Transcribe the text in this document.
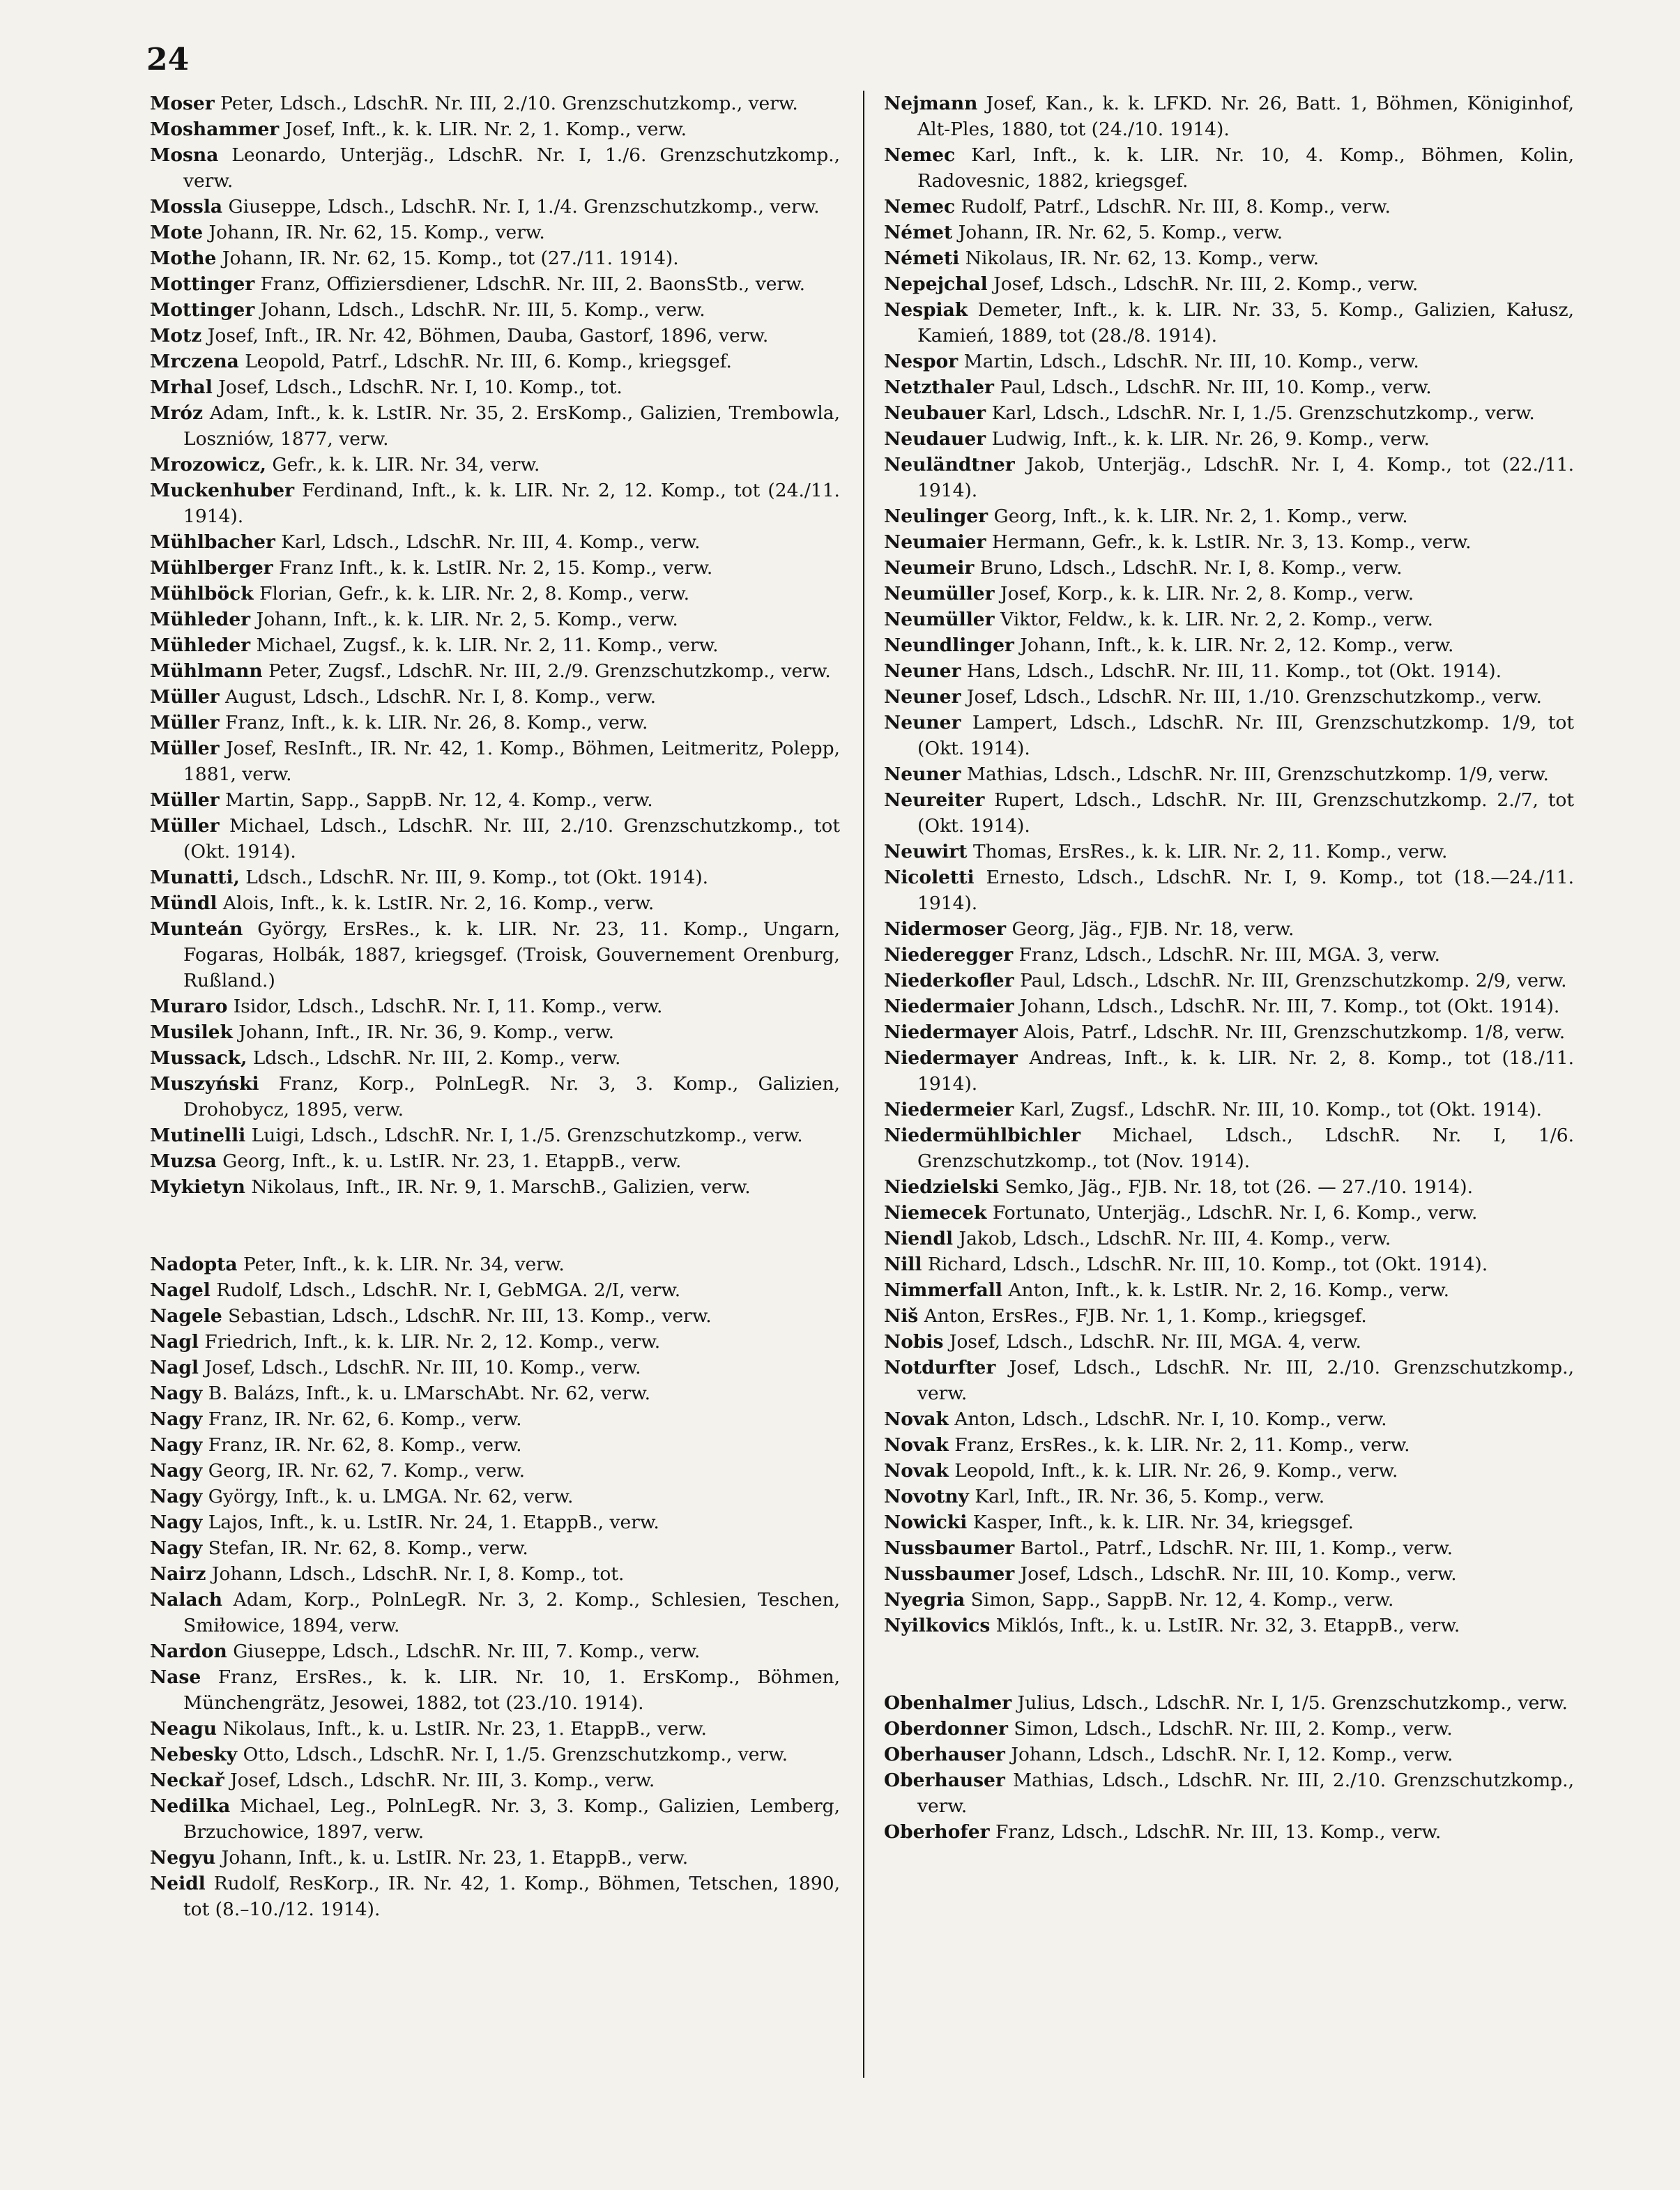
24

Moser Peter, Ldsch., LdschR. Nr. III, 2./10. Grenzschutzkomp., verw.

Moshammer Josef, Inft., k. k. LIR. Nr. 2, 1. Komp., verw.

Mosna Leonardo, Unterjäg., LdschR. Nr. I, 1./6. Grenzschutzkomp., verw.

Mossla Giuseppe, Ldsch., LdschR. Nr. I, 1./4. Grenzschutzkomp., verw.

Mote Johann, IR. Nr. 62, 15. Komp., verw.

Mothe Johann, IR. Nr. 62, 15. Komp., tot (27./11. 1914).

Mottinger Franz, Offiziersdiener, LdschR. Nr. III, 2. BaonsStb., verw.

Mottinger Johann, Ldsch., LdschR. Nr. III, 5. Komp., verw.

Motz Josef, Inft., IR. Nr. 42, Böhmen, Dauba, Gastorf, 1896, verw.

Mrczena Leopold, Patrf., LdschR. Nr. III, 6. Komp., kriegsgef.

Mrhal Josef, Ldsch., LdschR. Nr. I, 10. Komp., tot.

Mróz Adam, Inft., k. k. LstIR. Nr. 35, 2. ErsKomp., Galizien, Trembowla, Loszniów, 1877, verw.

Mrozowicz, Gefr., k. k. LIR. Nr. 34, verw.

Muckenhuber Ferdinand, Inft., k. k. LIR. Nr. 2, 12. Komp., tot (24./11. 1914).

Mühlbacher Karl, Ldsch., LdschR. Nr. III, 4. Komp., verw.

Mühlberger Franz Inft., k. k. LstIR. Nr. 2, 15. Komp., verw.

Mühlböck Florian, Gefr., k. k. LIR. Nr. 2, 8. Komp., verw.

Mühleder Johann, Inft., k. k. LIR. Nr. 2, 5. Komp., verw.

Mühleder Michael, Zugsf., k. k. LIR. Nr. 2, 11. Komp., verw.

Mühlmann Peter, Zugsf., LdschR. Nr. III, 2./9. Grenzschutzkomp., verw.

Müller August, Ldsch., LdschR. Nr. I, 8. Komp., verw.

Müller Franz, Inft., k. k. LIR. Nr. 26, 8. Komp., verw.

Müller Josef, ResInft., IR. Nr. 42, 1. Komp., Böhmen, Leitmeritz, Polepp, 1881, verw.

Müller Martin, Sapp., SappB. Nr. 12, 4. Komp., verw.

Müller Michael, Ldsch., LdschR. Nr. III, 2./10. Grenzschutzkomp., tot (Okt. 1914).

Munatti, Ldsch., LdschR. Nr. III, 9. Komp., tot (Okt. 1914).

Mündl Alois, Inft., k. k. LstIR. Nr. 2, 16. Komp., verw.

Munteán György, ErsRes., k. k. LIR. Nr. 23, 11. Komp., Ungarn, Fogaras, Holbák, 1887, kriegsgef. (Troisk, Gouvernement Orenburg, Rußland.)

Muraro Isidor, Ldsch., LdschR. Nr. I, 11. Komp., verw.

Musilek Johann, Inft., IR. Nr. 36, 9. Komp., verw.

Mussack, Ldsch., LdschR. Nr. III, 2. Komp., verw.

Muszyński Franz, Korp., PolnLegR. Nr. 3, 3. Komp., Galizien, Drohobycz, 1895, verw.

Mutinelli Luigi, Ldsch., LdschR. Nr. I, 1./5. Grenzschutzkomp., verw.

Muzsa Georg, Inft., k. u. LstIR. Nr. 23, 1. EtappB., verw.

Mykietyn Nikolaus, Inft., IR. Nr. 9, 1. MarschB., Galizien, verw.

Nadopta Peter, Inft., k. k. LIR. Nr. 34, verw.

Nagel Rudolf, Ldsch., LdschR. Nr. I, GebMGA. 2/I, verw.

Nagele Sebastian, Ldsch., LdschR. Nr. III, 13. Komp., verw.

Nagl Friedrich, Inft., k. k. LIR. Nr. 2, 12. Komp., verw.

Nagl Josef, Ldsch., LdschR. Nr. III, 10. Komp., verw.

Nagy B. Balázs, Inft., k. u. LMarschAbt. Nr. 62, verw.

Nagy Franz, IR. Nr. 62, 6. Komp., verw.

Nagy Franz, IR. Nr. 62, 8. Komp., verw.

Nagy Georg, IR. Nr. 62, 7. Komp., verw.

Nagy György, Inft., k. u. LMGA. Nr. 62, verw.

Nagy Lajos, Inft., k. u. LstIR. Nr. 24, 1. EtappB., verw.

Nagy Stefan, IR. Nr. 62, 8. Komp., verw.

Nairz Johann, Ldsch., LdschR. Nr. I, 8. Komp., tot.

Nalach Adam, Korp., PolnLegR. Nr. 3, 2. Komp., Schlesien, Teschen, Smiłowice, 1894, verw.

Nardon Giuseppe, Ldsch., LdschR. Nr. III, 7. Komp., verw.

Nase Franz, ErsRes., k. k. LIR. Nr. 10, 1. ErsKomp., Böhmen, Münchengrätz, Jesowei, 1882, tot (23./10. 1914).

Neagu Nikolaus, Inft., k. u. LstIR. Nr. 23, 1. EtappB., verw.

Nebesky Otto, Ldsch., LdschR. Nr. I, 1./5. Grenzschutzkomp., verw.

Neckař Josef, Ldsch., LdschR. Nr. III, 3. Komp., verw.

Nedilka Michael, Leg., PolnLegR. Nr. 3, 3. Komp., Galizien, Lemberg, Brzuchowice, 1897, verw.

Negyu Johann, Inft., k. u. LstIR. Nr. 23, 1. EtappB., verw.

Neidl Rudolf, ResKorp., IR. Nr. 42, 1. Komp., Böhmen, Tetschen, 1890, tot (8.–10./12. 1914).

Nejmann Josef, Kan., k. k. LFKD. Nr. 26, Batt. 1, Böhmen, Königinhof, Alt-Ples, 1880, tot (24./10. 1914).

Nemec Karl, Inft., k. k. LIR. Nr. 10, 4. Komp., Böhmen, Kolin, Radovesnic, 1882, kriegsgef.

Nemec Rudolf, Patrf., LdschR. Nr. III, 8. Komp., verw.

Német Johann, IR. Nr. 62, 5. Komp., verw.

Németi Nikolaus, IR. Nr. 62, 13. Komp., verw.

Nepejchal Josef, Ldsch., LdschR. Nr. III, 2. Komp., verw.

Nespiak Demeter, Inft., k. k. LIR. Nr. 33, 5. Komp., Galizien, Kałusz, Kamień, 1889, tot (28./8. 1914).

Nespor Martin, Ldsch., LdschR. Nr. III, 10. Komp., verw.

Netzthaler Paul, Ldsch., LdschR. Nr. III, 10. Komp., verw.

Neubauer Karl, Ldsch., LdschR. Nr. I, 1./5. Grenzschutzkomp., verw.

Neudauer Ludwig, Inft., k. k. LIR. Nr. 26, 9. Komp., verw.

Neuländtner Jakob, Unterjäg., LdschR. Nr. I, 4. Komp., tot (22./11. 1914).

Neulinger Georg, Inft., k. k. LIR. Nr. 2, 1. Komp., verw.

Neumaier Hermann, Gefr., k. k. LstIR. Nr. 3, 13. Komp., verw.

Neumeir Bruno, Ldsch., LdschR. Nr. I, 8. Komp., verw.

Neumüller Josef, Korp., k. k. LIR. Nr. 2, 8. Komp., verw.

Neumüller Viktor, Feldw., k. k. LIR. Nr. 2, 2. Komp., verw.

Neundlinger Johann, Inft., k. k. LIR. Nr. 2, 12. Komp., verw.

Neuner Hans, Ldsch., LdschR. Nr. III, 11. Komp., tot (Okt. 1914).

Neuner Josef, Ldsch., LdschR. Nr. III, 1./10. Grenzschutzkomp., verw.

Neuner Lampert, Ldsch., LdschR. Nr. III, Grenzschutzkomp. 1/9, tot (Okt. 1914).

Neuner Mathias, Ldsch., LdschR. Nr. III, Grenzschutzkomp. 1/9, verw.

Neureiter Rupert, Ldsch., LdschR. Nr. III, Grenzschutzkomp. 2./7, tot (Okt. 1914).

Neuwirt Thomas, ErsRes., k. k. LIR. Nr. 2, 11. Komp., verw.

Nicoletti Ernesto, Ldsch., LdschR. Nr. I, 9. Komp., tot (18.—24./11. 1914).

Nidermoser Georg, Jäg., FJB. Nr. 18, verw.

Niederegger Franz, Ldsch., LdschR. Nr. III, MGA. 3, verw.

Niederkofler Paul, Ldsch., LdschR. Nr. III, Grenzschutzkomp. 2/9, verw.

Niedermaier Johann, Ldsch., LdschR. Nr. III, 7. Komp., tot (Okt. 1914).

Niedermayer Alois, Patrf., LdschR. Nr. III, Grenzschutzkomp. 1/8, verw.

Niedermayer Andreas, Inft., k. k. LIR. Nr. 2, 8. Komp., tot (18./11. 1914).

Niedermeier Karl, Zugsf., LdschR. Nr. III, 10. Komp., tot (Okt. 1914).

Niedermühlbichler Michael, Ldsch., LdschR. Nr. I, 1/6. Grenzschutzkomp., tot (Nov. 1914).

Niedzielski Semko, Jäg., FJB. Nr. 18, tot (26. — 27./10. 1914).

Niemecek Fortunato, Unterjäg., LdschR. Nr. I, 6. Komp., verw.

Niendl Jakob, Ldsch., LdschR. Nr. III, 4. Komp., verw.

Nill Richard, Ldsch., LdschR. Nr. III, 10. Komp., tot (Okt. 1914).

Nimmerfall Anton, Inft., k. k. LstIR. Nr. 2, 16. Komp., verw.

Niš Anton, ErsRes., FJB. Nr. 1, 1. Komp., kriegsgef.

Nobis Josef, Ldsch., LdschR. Nr. III, MGA. 4, verw.

Notdurfter Josef, Ldsch., LdschR. Nr. III, 2./10. Grenzschutzkomp., verw.

Novak Anton, Ldsch., LdschR. Nr. I, 10. Komp., verw.

Novak Franz, ErsRes., k. k. LIR. Nr. 2, 11. Komp., verw.

Novak Leopold, Inft., k. k. LIR. Nr. 26, 9. Komp., verw.

Novotny Karl, Inft., IR. Nr. 36, 5. Komp., verw.

Nowicki Kasper, Inft., k. k. LIR. Nr. 34, kriegsgef.

Nussbaumer Bartol., Patrf., LdschR. Nr. III, 1. Komp., verw.

Nussbaumer Josef, Ldsch., LdschR. Nr. III, 10. Komp., verw.

Nyegria Simon, Sapp., SappB. Nr. 12, 4. Komp., verw.

Nyilkovics Miklós, Inft., k. u. LstIR. Nr. 32, 3. EtappB., verw.

Obenhalmer Julius, Ldsch., LdschR. Nr. I, 1/5. Grenzschutzkomp., verw.

Oberdonner Simon, Ldsch., LdschR. Nr. III, 2. Komp., verw.

Oberhauser Johann, Ldsch., LdschR. Nr. I, 12. Komp., verw.

Oberhauser Mathias, Ldsch., LdschR. Nr. III, 2./10. Grenzschutzkomp., verw.

Oberhofer Franz, Ldsch., LdschR. Nr. III, 13. Komp., verw.
